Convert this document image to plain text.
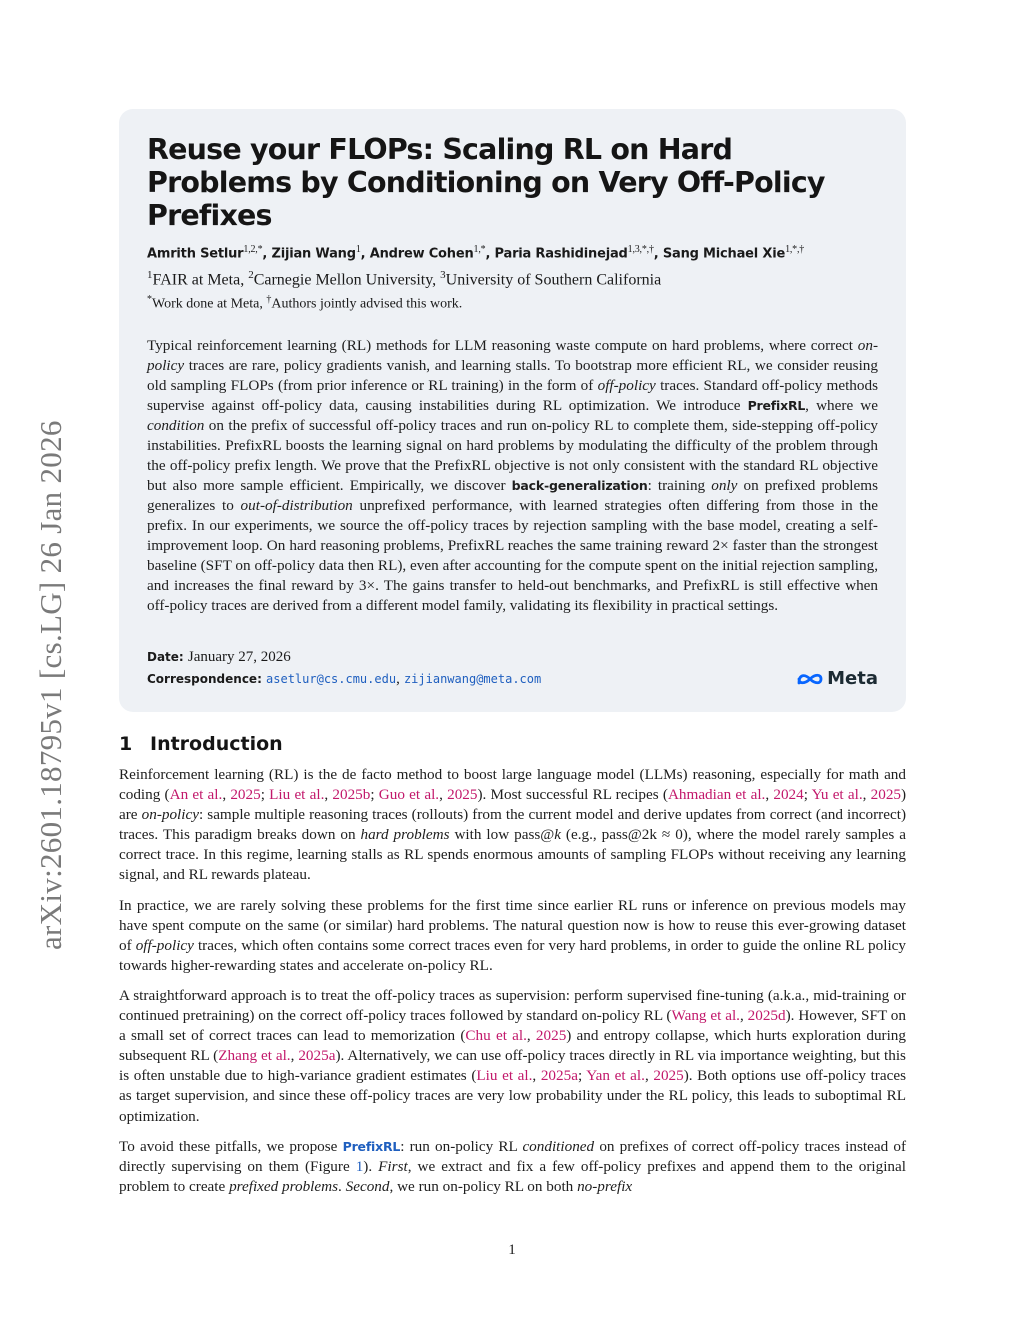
arXiv:2601.18795v1 [cs.LG] 26 Jan 2026
Reuse your FLOPs: Scaling RL on Hard Problems by Conditioning on Very Off-Policy Prefixes
Amrith Setlur$^{1,2,*}$, Zijian Wang$^1$, Andrew Cohen$^{1,*}$, Paria Rashidinejad$^{1,3,*,\dagger}$, Sang Michael Xie$^{1,*,\dagger}$
$^1$FAIR at Meta, $^2$Carnegie Mellon University, $^3$University of Southern California
*Work done at Meta, †Authors jointly advised this work.

Typical reinforcement learning (RL) methods for LLM reasoning waste compute on hard problems, where correct on-policy traces are rare, policy gradients vanish, and learning stalls. To bootstrap more efficient RL, we consider reusing old sampling FLOPs (from prior inference or RL training) in the form of off-policy traces. Standard off-policy methods supervise against off-policy data, causing instabilities during RL optimization. We introduce PrefixRL, where we condition on the prefix of successful off-policy traces and run on-policy RL to complete them, side-stepping off-policy instabilities. PrefixRL boosts the learning signal on hard problems by modulating the difficulty of the problem through the off-policy prefix length. We prove that the PrefixRL objective is not only consistent with the standard RL objective but also more sample efficient. Empirically, we discover back-generalization: training only on prefixed problems generalizes to out-of-distribution unprefixed performance, with learned strategies often differing from those in the prefix. In our experiments, we source the off-policy traces by rejection sampling with the base model, creating a self-improvement loop. On hard reasoning problems, PrefixRL reaches the same training reward 2× faster than the strongest baseline (SFT on off-policy data then RL), even after accounting for the compute spent on the initial rejection sampling, and increases the final reward by 3×. The gains transfer to held-out benchmarks, and PrefixRL is still effective when off-policy traces are derived from a different model family, validating its flexibility in practical settings.

Date: January 27, 2026
Correspondence: asetlur@cs.cmu.edu, zijianwang@meta.com	Meta
1 Introduction

Reinforcement learning (RL) is the de facto method to boost large language model (LLMs) reasoning, especially for math and coding (An et al., 2025; Liu et al., 2025b; Guo et al., 2025). Most successful RL recipes (Ahmadian et al., 2024; Yu et al., 2025) are on-policy: sample multiple reasoning traces (rollouts) from the current model and derive updates from correct (and incorrect) traces. This paradigm breaks down on hard problems with low pass@k (e.g., pass@2k ≈ 0), where the model rarely samples a correct trace. In this regime, learning stalls as RL spends enormous amounts of sampling FLOPs without receiving any learning signal, and RL rewards plateau.

In practice, we are rarely solving these problems for the first time since earlier RL runs or inference on previous models may have spent compute on the same (or similar) hard problems. The natural question now is how to reuse this ever-growing dataset of off-policy traces, which often contains some correct traces even for very hard problems, in order to guide the online RL policy towards higher-rewarding states and accelerate on-policy RL.

A straightforward approach is to treat the off-policy traces as supervision: perform supervised fine-tuning (a.k.a., mid-training or continued pretraining) on the correct off-policy traces followed by standard on-policy RL (Wang et al., 2025d). However, SFT on a small set of correct traces can lead to memorization (Chu et al., 2025) and entropy collapse, which hurts exploration during subsequent RL (Zhang et al., 2025a). Alternatively, we can use off-policy traces directly in RL via importance weighting, but this is often unstable due to high-variance gradient estimates (Liu et al., 2025a; Yan et al., 2025). Both options use off-policy traces as target supervision, and since these off-policy traces are very low probability under the RL policy, this leads to suboptimal RL optimization.

To avoid these pitfalls, we propose PrefixRL: run on-policy RL conditioned on prefixes of correct off-policy traces instead of directly supervising on them (Figure 1). First, we extract and fix a few off-policy prefixes and append them to the original problem to create prefixed problems. Second, we run on-policy RL on both no-prefix

1
